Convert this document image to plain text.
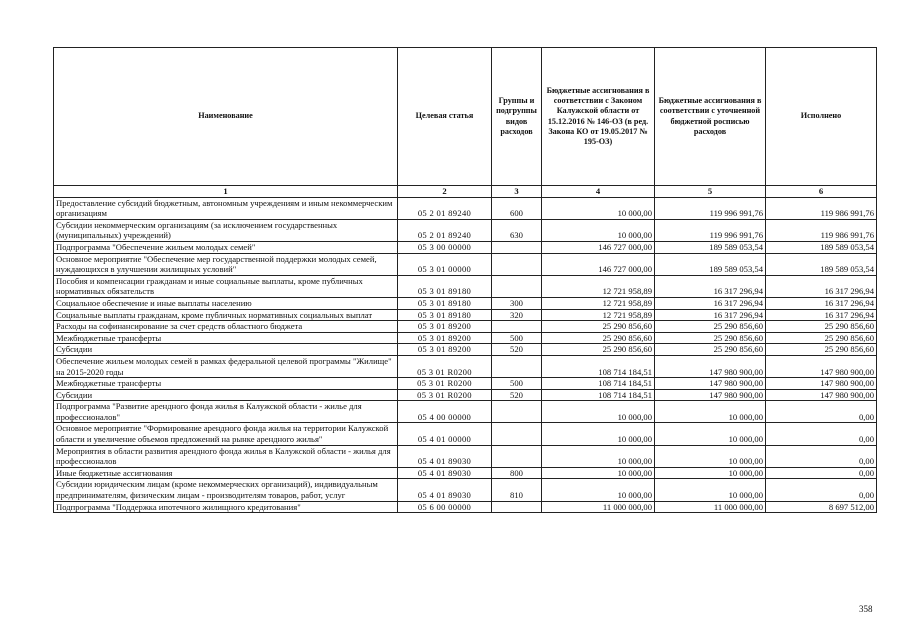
Наименование	Целевая статья	Группы и подгруппы видов расходов	Бюджетные ассигнования в соответствии с Законом Калужской области от 15.12.2016 № 146-ОЗ (в ред. Закона КО от 19.05.2017 № 195-ОЗ)	Бюджетные ассигнования в соответствии с уточненной бюджетной росписью расходов	Исполнено
1	2	3	4	5	6
Предоставление субсидий бюджетным, автономным учреждениям и иным некоммерческим организациям	05 2 01 89240	600	10 000,00	119 996 991,76	119 986 991,76
Субсидии некоммерческим организациям (за исключением государственных (муниципальных) учреждений)	05 2 01 89240	630	10 000,00	119 996 991,76	119 986 991,76
Подпрограмма "Обеспечение жильем молодых семей"	05 3 00 00000		146 727 000,00	189 589 053,54	189 589 053,54
Основное мероприятие "Обеспечение мер государственной поддержки молодых семей, нуждающихся в улучшении жилищных условий"	05 3 01 00000		146 727 000,00	189 589 053,54	189 589 053,54
Пособия и компенсации гражданам и иные социальные выплаты, кроме публичных нормативных обязательств	05 3 01 89180		12 721 958,89	16 317 296,94	16 317 296,94
Социальное обеспечение и иные выплаты населению	05 3 01 89180	300	12 721 958,89	16 317 296,94	16 317 296,94
Социальные выплаты гражданам, кроме публичных нормативных социальных выплат	05 3 01 89180	320	12 721 958,89	16 317 296,94	16 317 296,94
Расходы на софинансирование за счет средств областного бюджета	05 3 01 89200		25 290 856,60	25 290 856,60	25 290 856,60
Межбюджетные трансферты	05 3 01 89200	500	25 290 856,60	25 290 856,60	25 290 856,60
Субсидии	05 3 01 89200	520	25 290 856,60	25 290 856,60	25 290 856,60
Обеспечение жильем молодых семей в рамках федеральной целевой программы "Жилище" на 2015-2020 годы	05 3 01 R0200		108 714 184,51	147 980 900,00	147 980 900,00
Межбюджетные трансферты	05 3 01 R0200	500	108 714 184,51	147 980 900,00	147 980 900,00
Субсидии	05 3 01 R0200	520	108 714 184,51	147 980 900,00	147 980 900,00
Подпрограмма "Развитие арендного фонда жилья в Калужской области - жилье для профессионалов"	05 4 00 00000		10 000,00	10 000,00	0,00
Основное мероприятие "Формирование арендного фонда жилья на территории Калужской области и увеличение объемов предложений на рынке арендного жилья"	05 4 01 00000		10 000,00	10 000,00	0,00
Мероприятия в области развития арендного фонда жилья в Калужской области - жилья для профессионалов	05 4 01 89030		10 000,00	10 000,00	0,00
Иные бюджетные ассигнования	05 4 01 89030	800	10 000,00	10 000,00	0,00
Субсидии юридическим лицам (кроме некоммерческих организаций), индивидуальным предпринимателям, физическим лицам - производителям товаров, работ, услуг	05 4 01 89030	810	10 000,00	10 000,00	0,00
Подпрограмма "Поддержка ипотечного жилищного кредитования"	05 6 00 00000		11 000 000,00	11 000 000,00	8 697 512,00
358
